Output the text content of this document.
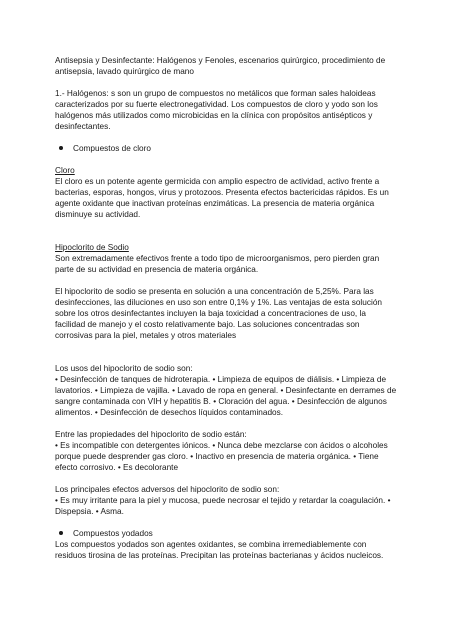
Antisepsia y Desinfectante: Halógenos y Fenoles, escenarios quirúrgico, procedimiento de antisepsia, lavado quirúrgico de mano

1.- Halógenos: s son un grupo de compuestos no metálicos que forman sales haloideas caracterizados por su fuerte electronegatividad. Los compuestos de cloro y yodo son los halógenos más utilizados como microbicidas en la clínica con propósitos antisépticos y desinfectantes.

Compuestos de cloro

Cloro

El cloro es un potente agente germicida con amplio espectro de actividad, activo frente a bacterias, esporas, hongos, virus y protozoos. Presenta efectos bactericidas rápidos. Es un agente oxidante que inactivan proteínas enzimáticas. La presencia de materia orgánica disminuye su actividad.

Hipoclorito de Sodio

Son extremadamente efectivos frente a todo tipo de microorganismos, pero pierden gran parte de su actividad en presencia de materia orgánica.

El hipoclorito de sodio se presenta en solución a una concentración de 5,25%. Para las desinfecciones, las diluciones en uso son entre 0,1% y 1%. Las ventajas de esta solución sobre los otros desinfectantes incluyen la baja toxicidad a concentraciones de uso, la facilidad de manejo y el costo relativamente bajo. Las soluciones concentradas son corrosivas para la piel, metales y otros materiales

Los usos del hipoclorito de sodio son:

• Desinfección de tanques de hidroterapia. • Limpieza de equipos de diálisis. • Limpieza de lavatorios. • Limpieza de vajilla. • Lavado de ropa en general. • Desinfectante en derrames de sangre contaminada con VIH y hepatitis B. • Cloración del agua. • Desinfección de algunos alimentos. • Desinfección de desechos líquidos contaminados.

Entre las propiedades del hipoclorito de sodio están:

• Es incompatible con detergentes iónicos. • Nunca debe mezclarse con ácidos o alcoholes porque puede desprender gas cloro. • Inactivo en presencia de materia orgánica. • Tiene efecto corrosivo. • Es decolorante

Los principales efectos adversos del hipoclorito de sodio son:

• Es muy irritante para la piel y mucosa, puede necrosar el tejido y retardar la coagulación. • Dispepsia. • Asma.

Compuestos yodados

Los compuestos yodados son agentes oxidantes, se combina irremediablemente con residuos tirosina de las proteínas. Precipitan las proteínas bacterianas y ácidos nucleicos.
